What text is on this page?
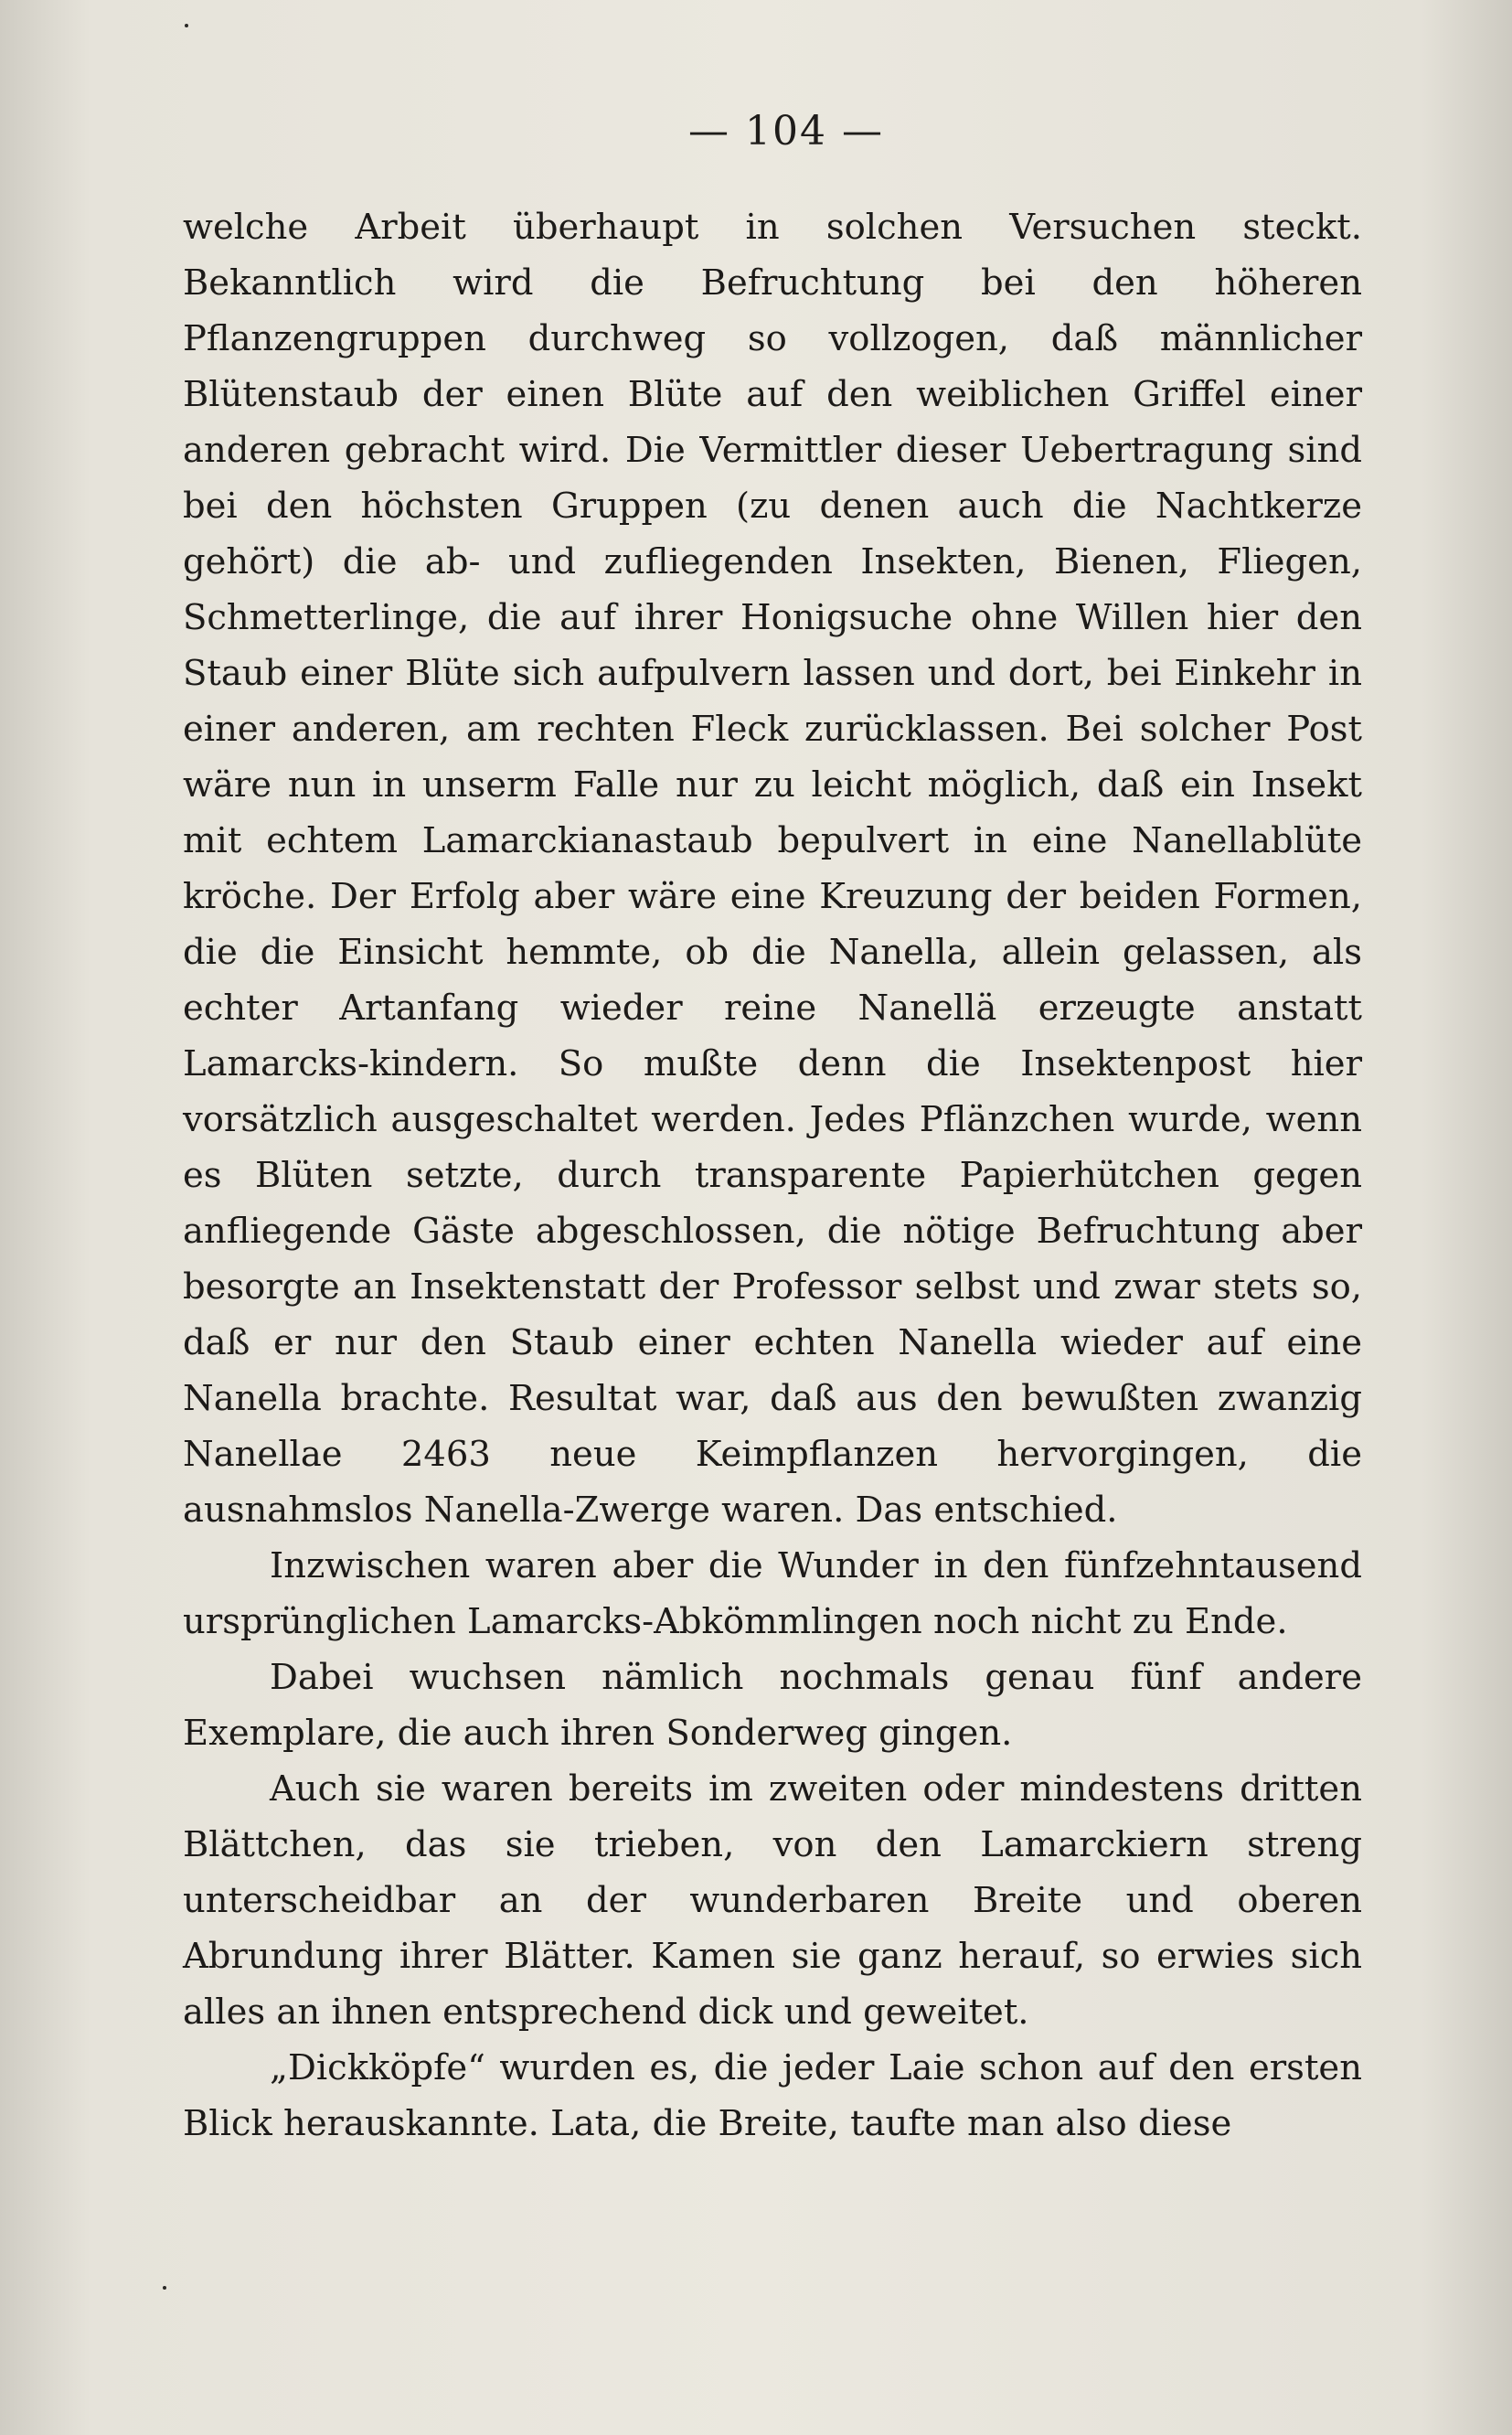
— 104 —

welche Arbeit überhaupt in solchen Versuchen steckt. Bekanntlich wird die Befruchtung bei den höheren Pflanzengruppen durchweg so vollzogen, daß männlicher Blütenstaub der einen Blüte auf den weiblichen Griffel einer anderen gebracht wird. Die Vermittler dieser Uebertragung sind bei den höchsten Gruppen (zu denen auch die Nachtkerze gehört) die ab- und zufliegenden Insekten, Bienen, Fliegen, Schmetterlinge, die auf ihrer Honigsuche ohne Willen hier den Staub einer Blüte sich aufpulvern lassen und dort, bei Einkehr in einer anderen, am rechten Fleck zurücklassen. Bei solcher Post wäre nun in unserm Falle nur zu leicht möglich, daß ein Insekt mit echtem Lamarckianastaub bepulvert in eine Nanellablüte kröche. Der Erfolg aber wäre eine Kreuzung der beiden Formen, die die Einsicht hemmte, ob die Nanella, allein gelassen, als echter Artanfang wieder reine Nanellä erzeugte anstatt Lamarcks-kindern. So mußte denn die Insektenpost hier vorsätzlich ausgeschaltet werden. Jedes Pflänzchen wurde, wenn es Blüten setzte, durch transparente Papierhütchen gegen anfliegende Gäste abgeschlossen, die nötige Befruchtung aber besorgte an Insektenstatt der Professor selbst und zwar stets so, daß er nur den Staub einer echten Nanella wieder auf eine Nanella brachte. Resultat war, daß aus den bewußten zwanzig Nanellae 2463 neue Keimpflanzen hervorgingen, die ausnahmslos Nanella-Zwerge waren. Das entschied.

Inzwischen waren aber die Wunder in den fünfzehntausend ursprünglichen Lamarcks-Abkömmlingen noch nicht zu Ende.

Dabei wuchsen nämlich nochmals genau fünf andere Exemplare, die auch ihren Sonderweg gingen.

Auch sie waren bereits im zweiten oder mindestens dritten Blättchen, das sie trieben, von den Lamarckiern streng unterscheidbar an der wunderbaren Breite und oberen Abrundung ihrer Blätter. Kamen sie ganz herauf, so erwies sich alles an ihnen entsprechend dick und geweitet.

„Dickköpfe“ wurden es, die jeder Laie schon auf den ersten Blick herauskannte. Lata, die Breite, taufte man also diese
